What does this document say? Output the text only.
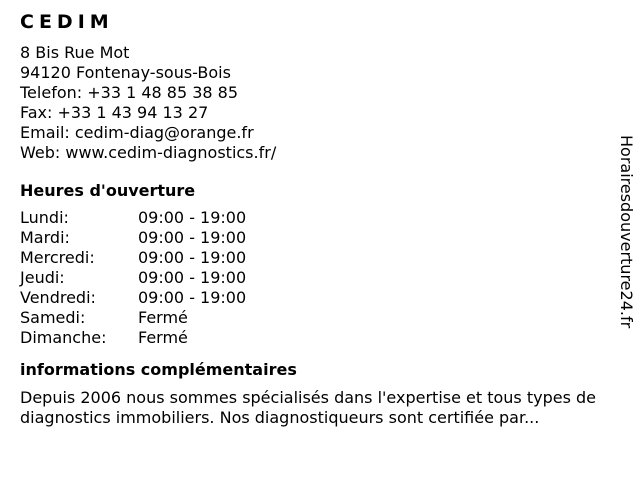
CEDIM
8 Bis Rue Mot
94120 Fontenay-sous-Bois
Telefon: +33 1 48 85 38 85
Fax: +33 1 43 94 13 27
Email: cedim-diag@orange.fr
Web: www.cedim-diagnostics.fr/
Heures d'ouverture
Lundi:	09:00 - 19:00
Mardi:	09:00 - 19:00
Mercredi:	09:00 - 19:00
Jeudi:	09:00 - 19:00
Vendredi:	09:00 - 19:00
Samedi:	Fermé
Dimanche:	Fermé
informations complémentaires
Depuis 2006 nous sommes spécialisés dans l'expertise et tous types de diagnostics immobiliers. Nos diagnostiqueurs sont certifiée par...
Horairesdouverture24.fr
